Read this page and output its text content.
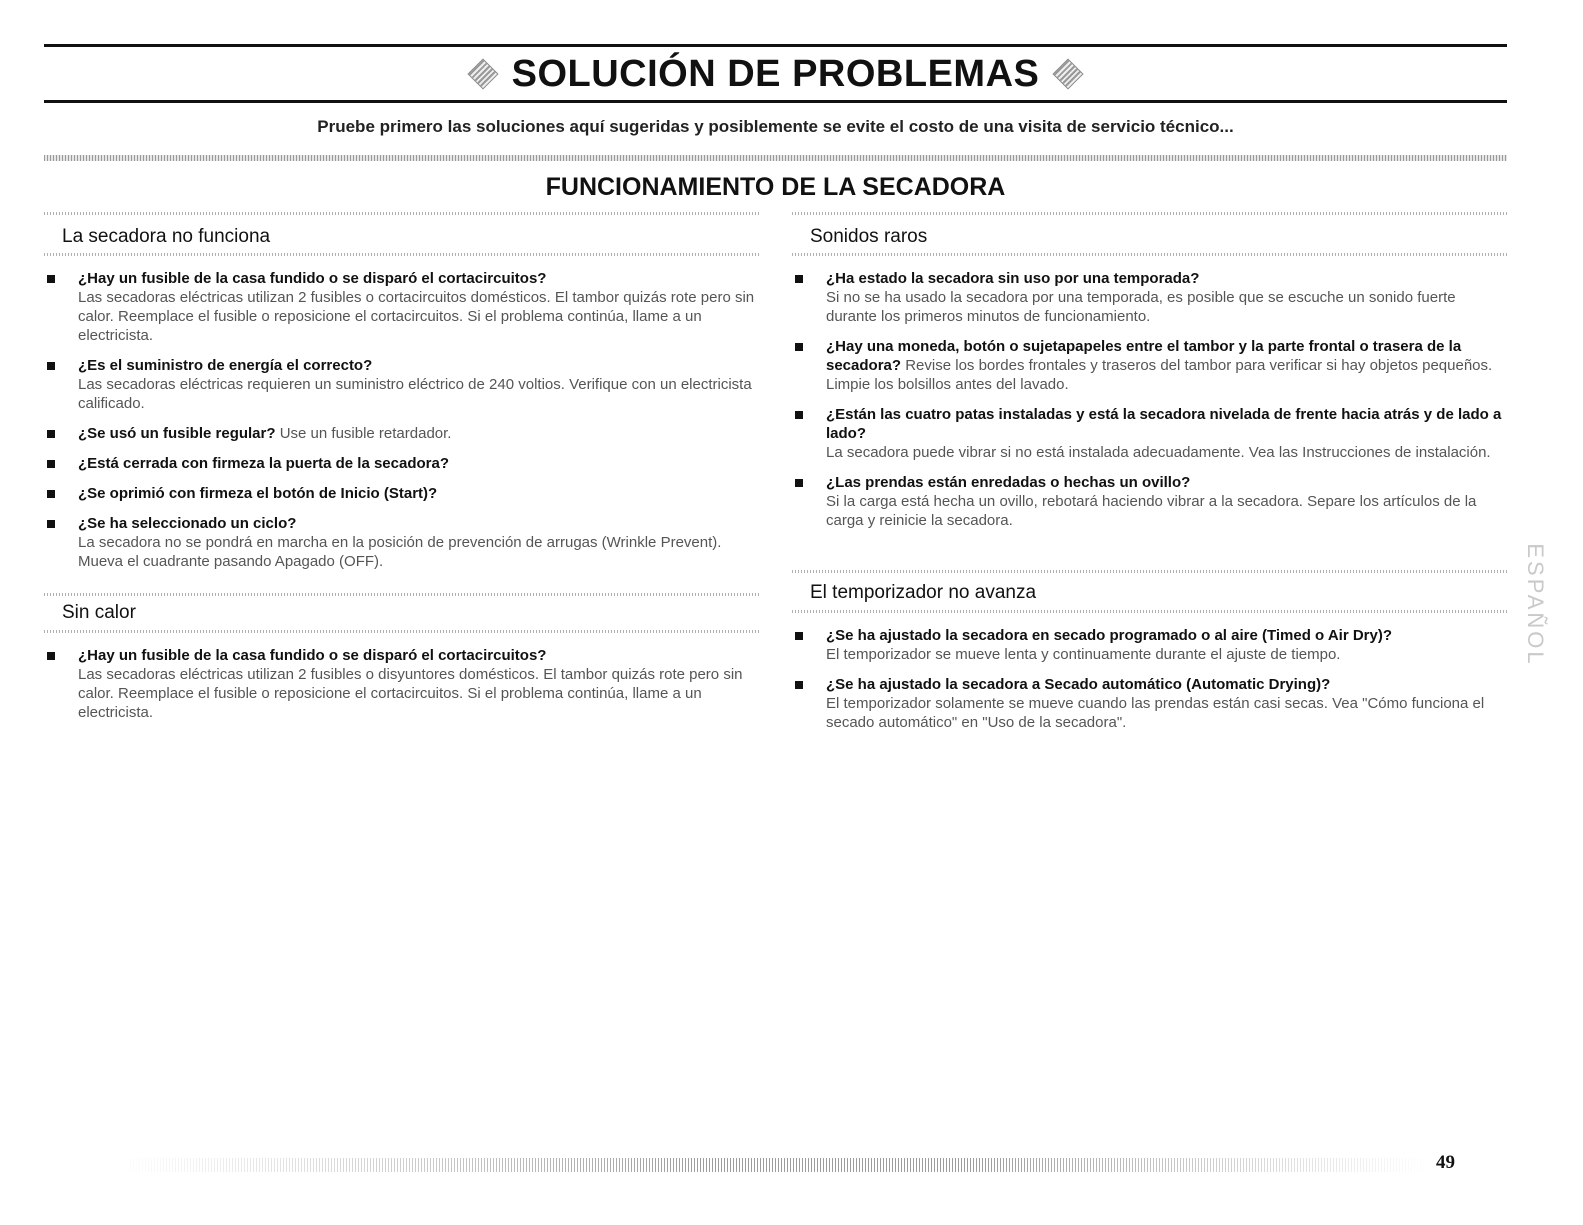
SOLUCIÓN DE PROBLEMAS
Pruebe primero las soluciones aquí sugeridas y posiblemente se evite el costo de una visita de servicio técnico...
FUNCIONAMIENTO DE LA SECADORA
La secadora no funciona
¿Hay un fusible de la casa fundido o se disparó el cortacircuitos?
Las secadoras eléctricas utilizan 2 fusibles o cortacircuitos domésticos. El tambor quizás rote pero sin calor. Reemplace el fusible o reposicione el cortacircuitos. Si el problema continúa, llame a un electricista.
¿Es el suministro de energía el correcto?
Las secadoras eléctricas requieren un suministro eléctrico de 240 voltios. Verifique con un electricista calificado.
¿Se usó un fusible regular? Use un fusible retardador.
¿Está cerrada con firmeza la puerta de la secadora?
¿Se oprimió con firmeza el botón de Inicio (Start)?
¿Se ha seleccionado un ciclo?
La secadora no se pondrá en marcha en la posición de prevención de arrugas (Wrinkle Prevent). Mueva el cuadrante pasando Apagado (OFF).
Sin calor
¿Hay un fusible de la casa fundido o se disparó el cortacircuitos?
Las secadoras eléctricas utilizan 2 fusibles o disyuntores domésticos. El tambor quizás rote pero sin calor. Reemplace el fusible o reposicione el cortacircuitos. Si el problema continúa, llame a un electricista.
Sonidos raros
¿Ha estado la secadora sin uso por una temporada?
Si no se ha usado la secadora por una temporada, es posible que se escuche un sonido fuerte durante los primeros minutos de funcionamiento.
¿Hay una moneda, botón o sujetapapeles entre el tambor y la parte frontal o trasera de la secadora? Revise los bordes frontales y traseros del tambor para verificar si hay objetos pequeños. Limpie los bolsillos antes del lavado.
¿Están las cuatro patas instaladas y está la secadora nivelada de frente hacia atrás y de lado a lado?
La secadora puede vibrar si no está instalada adecuadamente. Vea las Instrucciones de instalación.
¿Las prendas están enredadas o hechas un ovillo?
Si la carga está hecha un ovillo, rebotará haciendo vibrar a la secadora. Separe los artículos de la carga y reinicie la secadora.
El temporizador no avanza
¿Se ha ajustado la secadora en secado programado o al aire (Timed o Air Dry)?
El temporizador se mueve lenta y continuamente durante el ajuste de tiempo.
¿Se ha ajustado la secadora a Secado automático (Automatic Drying)?
El temporizador solamente se mueve cuando las prendas están casi secas. Vea "Cómo funciona el secado automático" en "Uso de la secadora".
ESPAÑOL
49
